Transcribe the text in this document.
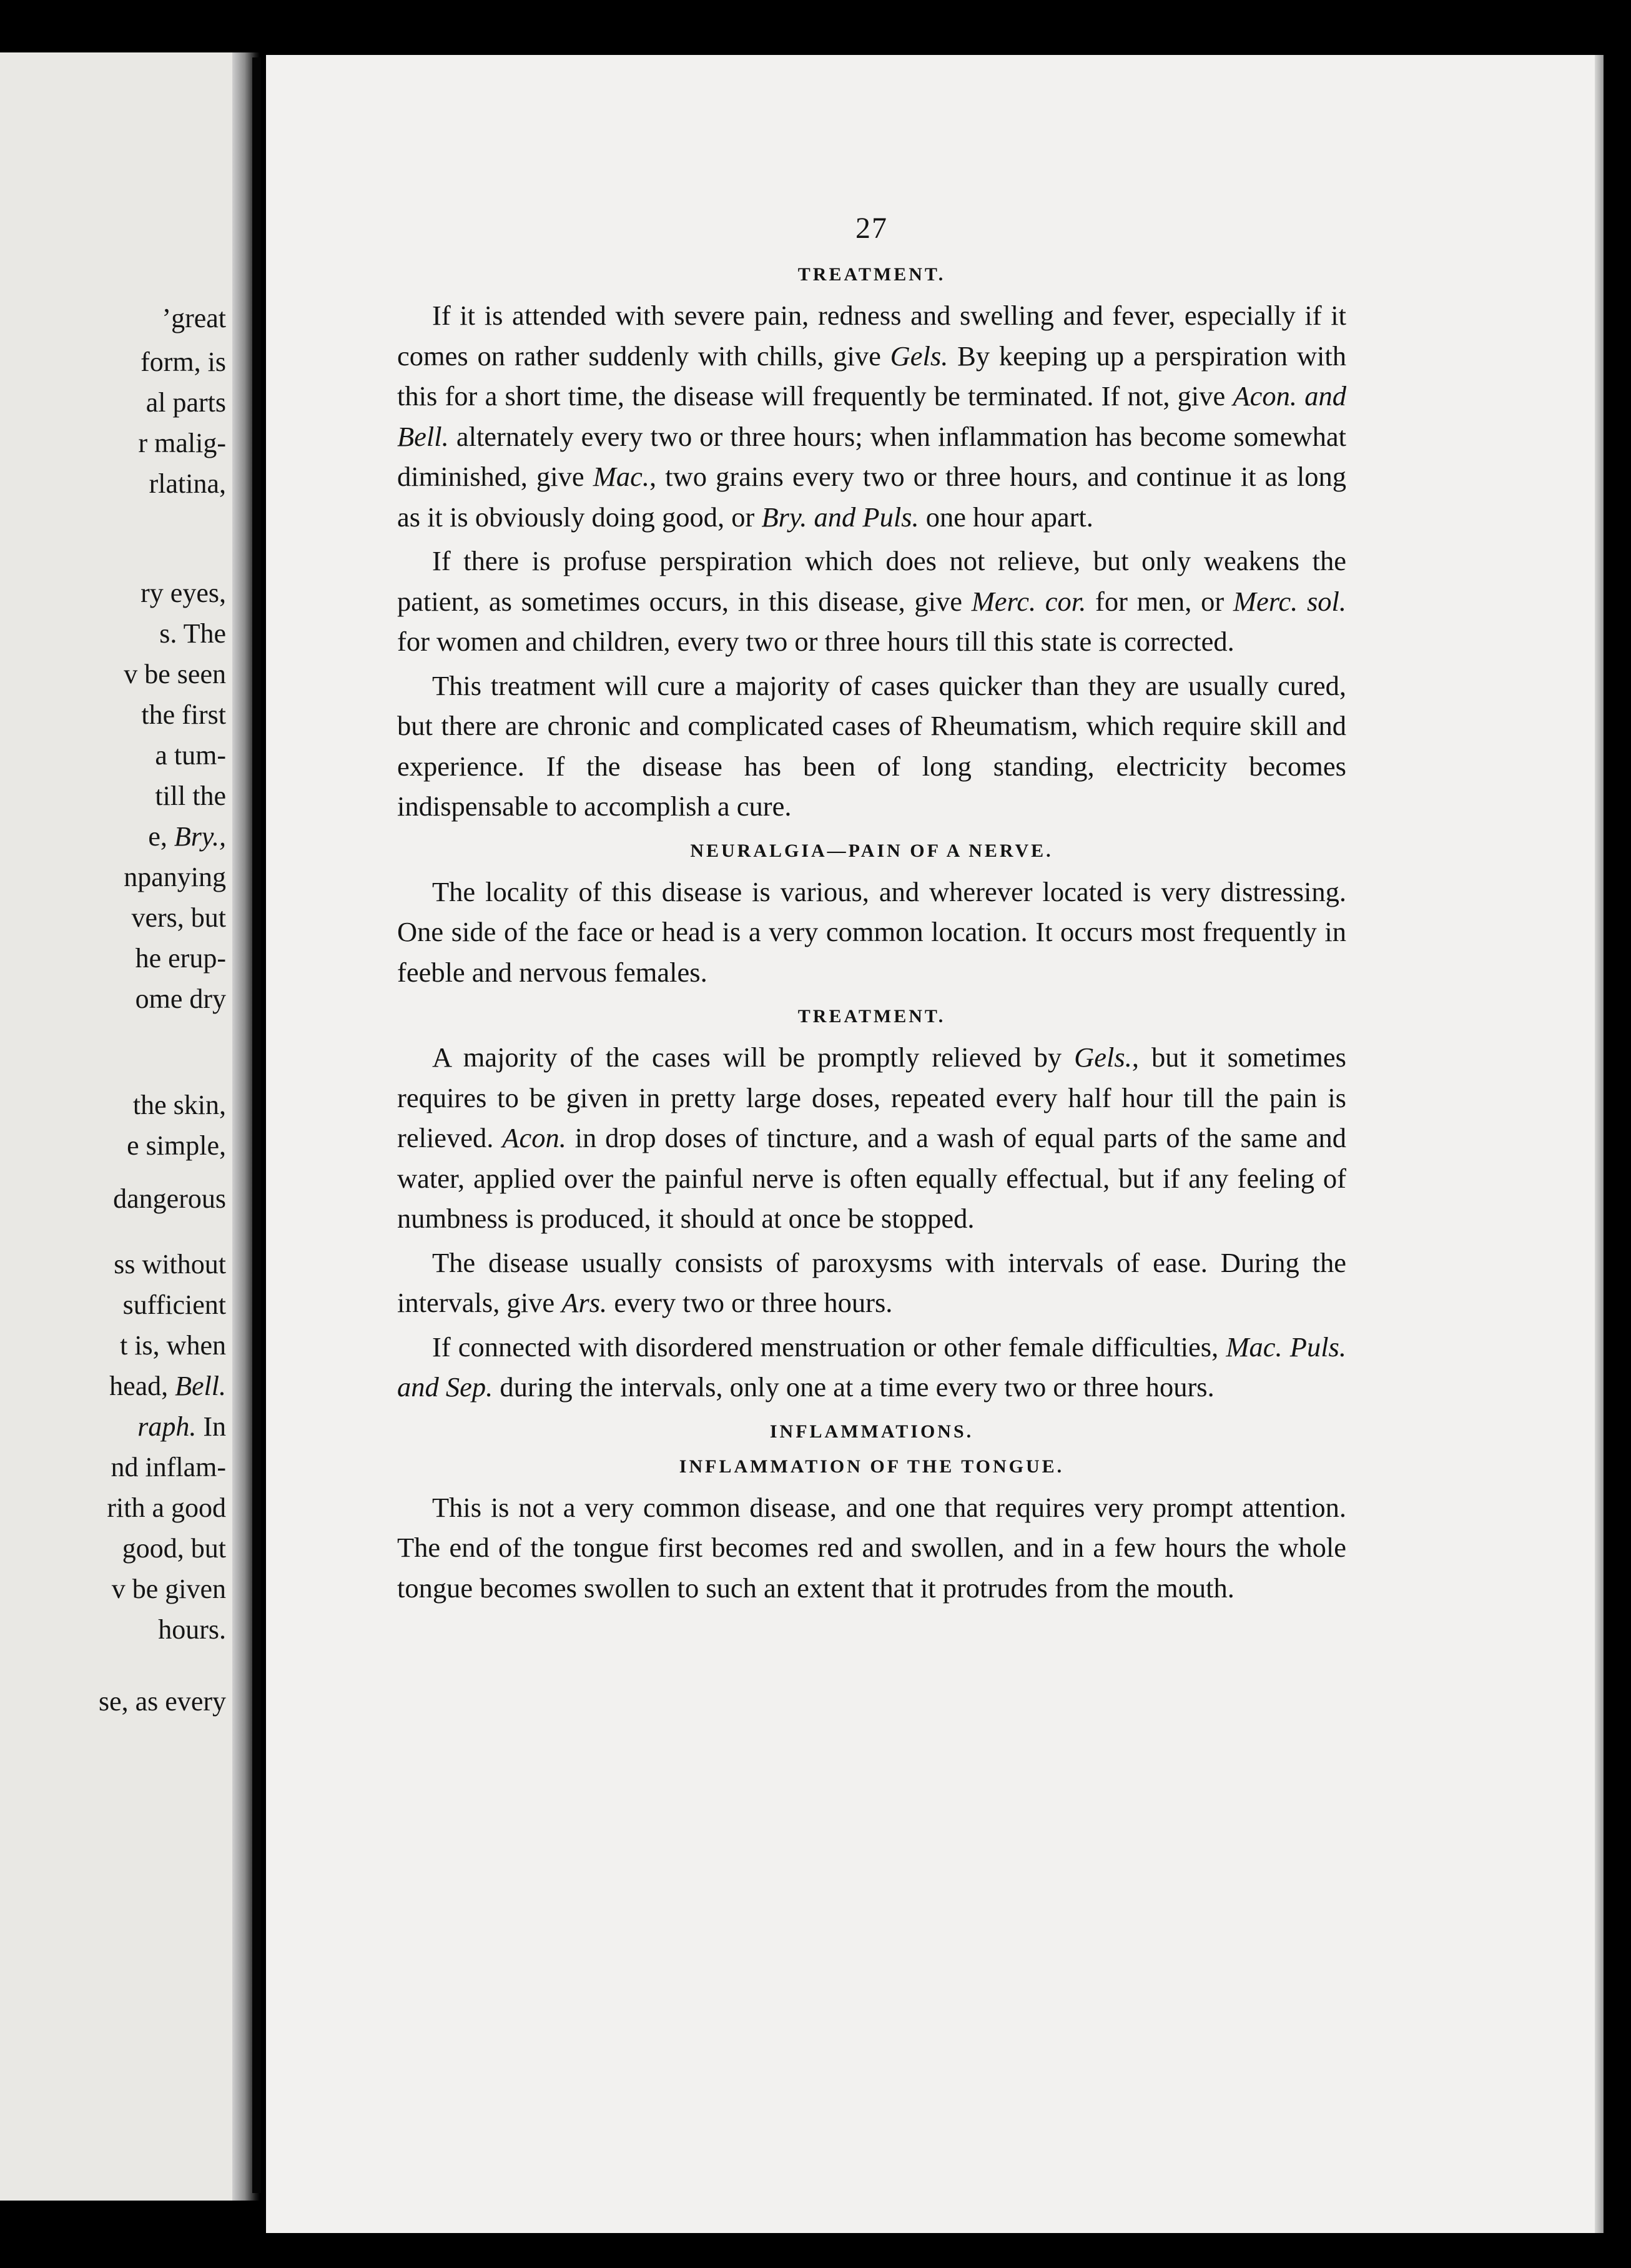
’great
form, is
al parts
r malig-
rlatina,
ry eyes,
s. The
v be seen
the first
a tum-
till the
e, Bry.,
npanying
vers, but
he erup-
ome dry
the skin,
e simple,
dangerous
ss without
sufficient
t is, when
head, Bell.
raph. In
nd inflam-
rith a good
good, but
v be given
hours.
se, as every
27
TREATMENT.

If it is attended with severe pain, redness and swelling and fever, especially if it comes on rather suddenly with chills, give Gels. By keeping up a perspiration with this for a short time, the disease will frequently be terminated. If not, give Acon. and Bell. alternately every two or three hours; when inflammation has become somewhat diminished, give Mac., two grains every two or three hours, and continue it as long as it is obviously doing good, or Bry. and Puls. one hour apart.

If there is profuse perspiration which does not relieve, but only weakens the patient, as sometimes occurs, in this disease, give Merc. cor. for men, or Merc. sol. for women and children, every two or three hours till this state is corrected.

This treatment will cure a majority of cases quicker than they are usually cured, but there are chronic and complicated cases of Rheumatism, which require skill and experience. If the disease has been of long standing, electricity becomes indispensable to accomplish a cure.

NEURALGIA—PAIN OF A NERVE.

The locality of this disease is various, and wherever located is very distressing. One side of the face or head is a very common location. It occurs most frequently in feeble and nervous females.

TREATMENT.

A majority of the cases will be promptly relieved by Gels., but it sometimes requires to be given in pretty large doses, repeated every half hour till the pain is relieved. Acon. in drop doses of tincture, and a wash of equal parts of the same and water, applied over the painful nerve is often equally effectual, but if any feeling of numbness is produced, it should at once be stopped.

The disease usually consists of paroxysms with intervals of ease. During the intervals, give Ars. every two or three hours.

If connected with disordered menstruation or other female difficulties, Mac. Puls. and Sep. during the intervals, only one at a time every two or three hours.

INFLAMMATIONS.
INFLAMMATION OF THE TONGUE.

This is not a very common disease, and one that requires very prompt attention. The end of the tongue first becomes red and swollen, and in a few hours the whole tongue becomes swollen to such an extent that it protrudes from the mouth.
